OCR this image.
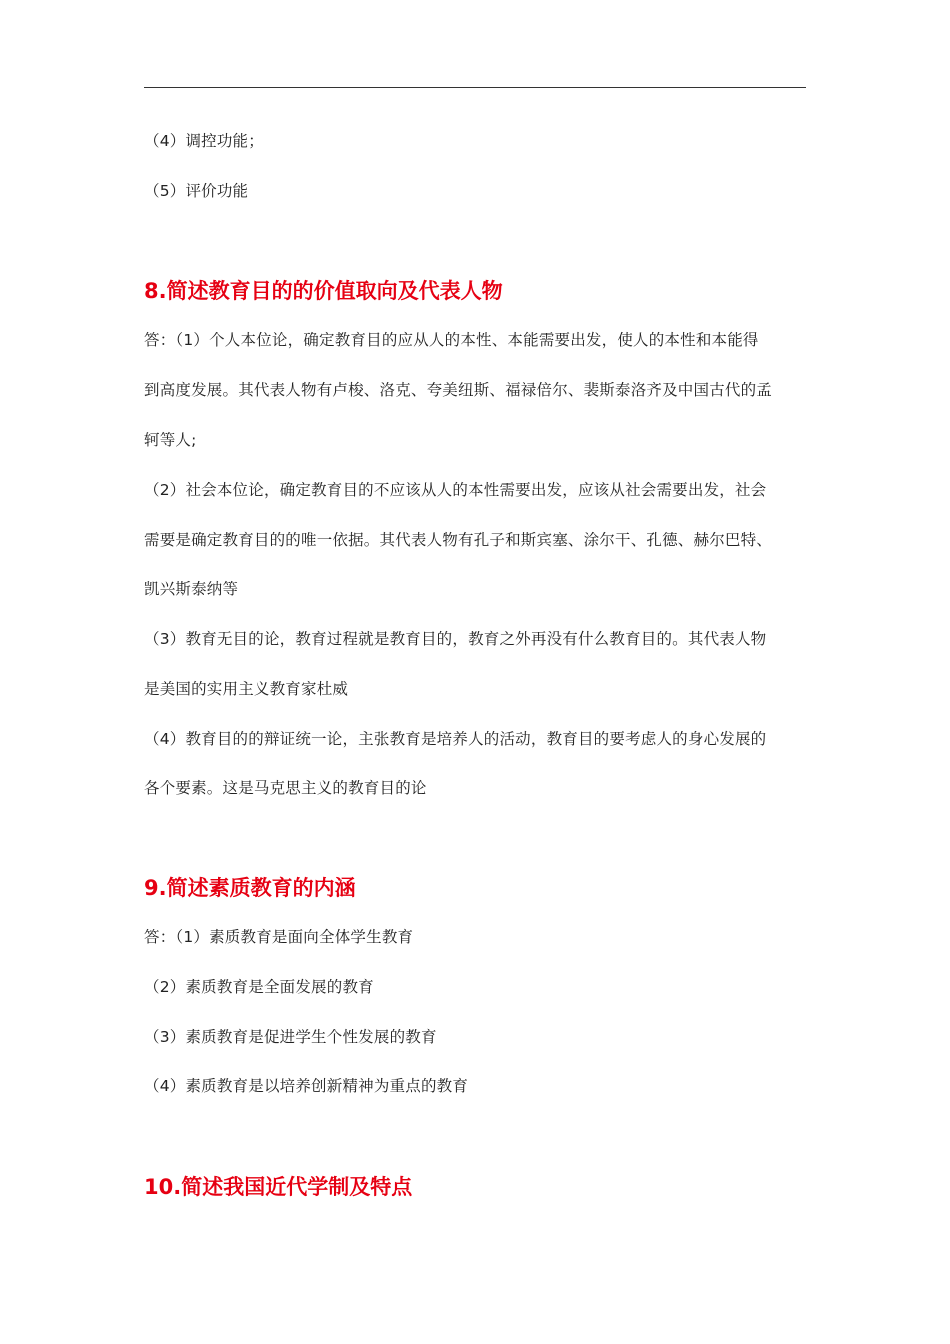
（4）调控功能；
（5）评价功能
8.简述教育目的的价值取向及代表人物
答：（1）个人本位论，确定教育目的应从人的本性、本能需要出发，使人的本性和本能得
到高度发展。其代表人物有卢梭、洛克、夸美纽斯、福禄倍尔、裴斯泰洛齐及中国古代的孟
轲等人;
（2）社会本位论，确定教育目的不应该从人的本性需要出发，应该从社会需要出发，社会
需要是确定教育目的的唯一依据。其代表人物有孔子和斯宾塞、涂尔干、孔德、赫尔巴特、
凯兴斯泰纳等
（3）教育无目的论，教育过程就是教育目的，教育之外再没有什么教育目的。其代表人物
是美国的实用主义教育家杜威
（4）教育目的的辩证统一论，主张教育是培养人的活动，教育目的要考虑人的身心发展的
各个要素。这是马克思主义的教育目的论
9.简述素质教育的内涵
答：（1）素质教育是面向全体学生教育
（2）素质教育是全面发展的教育
（3）素质教育是促进学生个性发展的教育
（4）素质教育是以培养创新精神为重点的教育
10.简述我国近代学制及特点
